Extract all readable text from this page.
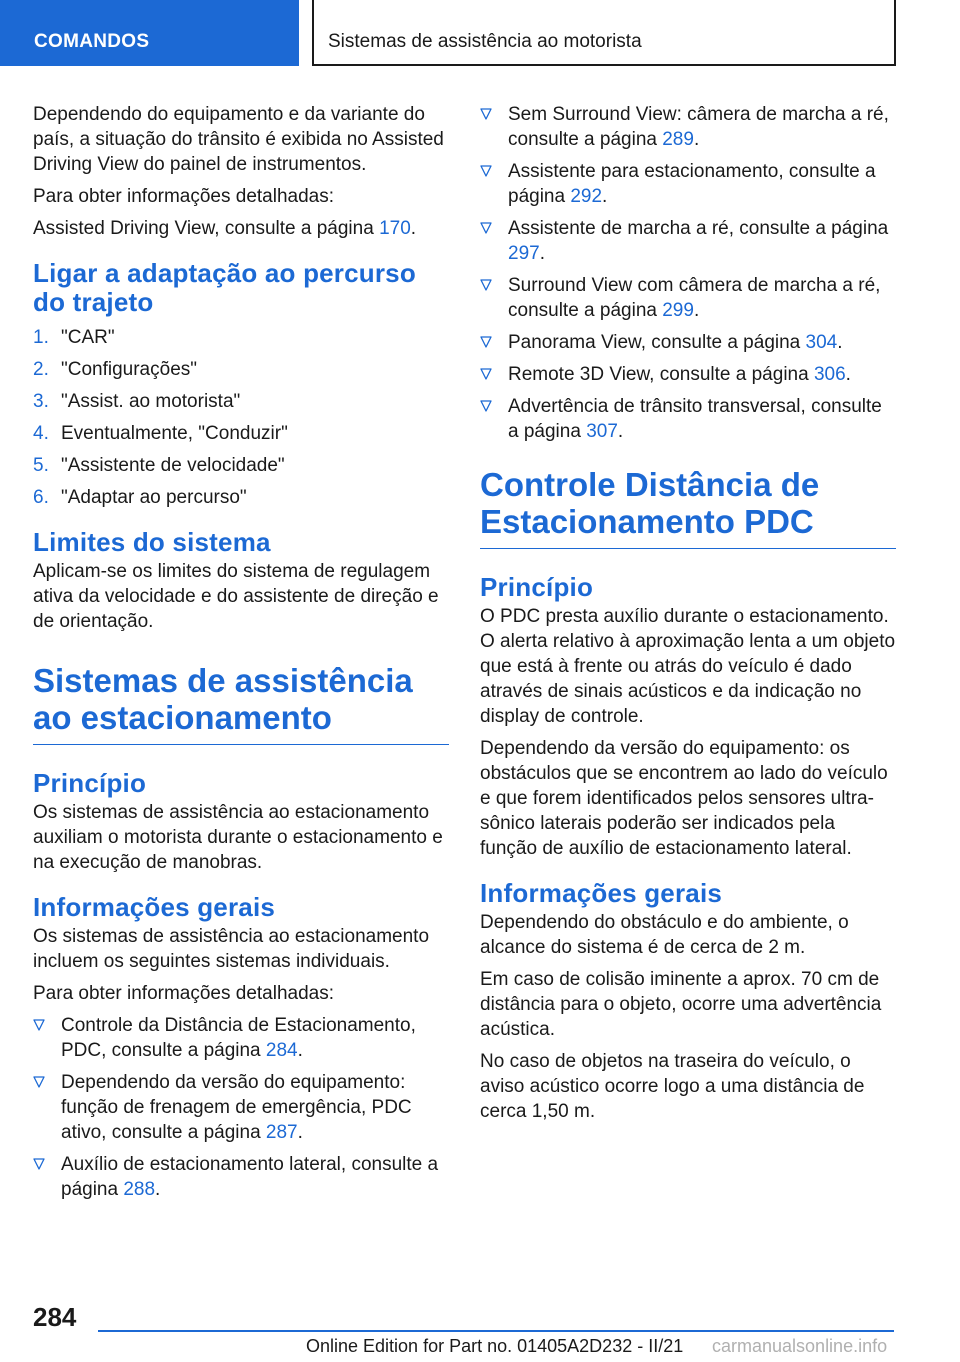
COMANDOS	Sistemas de assistência ao motorista

Dependendo do equipamento e da variante do país, a situação do trânsito é exibida no Assisted Driving View do painel de instrumentos.

Para obter informações detalhadas:

Assisted Driving View, consulte a página 170.

Ligar a adaptação ao percurso do trajeto
1. "CAR"
2. "Configurações"
3. "Assist. ao motorista"
4. Eventualmente, "Conduzir"
5. "Assistente de velocidade"
6. "Adaptar ao percurso"
Limites do sistema

Aplicam-se os limites do sistema de regulagem ativa da velocidade e do assistente de direção e de orientação.

Sistemas de assistência ao estacionamento
Princípio

Os sistemas de assistência ao estacionamento auxiliam o motorista durante o estacionamento e na execução de manobras.

Informações gerais

Os sistemas de assistência ao estacionamento incluem os seguintes sistemas individuais.

Para obter informações detalhadas:

Controle da Distância de Estacionamento, PDC, consulte a página 284.
Dependendo da versão do equipamento: função de frenagem de emergência, PDC ativo, consulte a página 287.
Auxílio de estacionamento lateral, consulte a página 288.
Sem Surround View: câmera de marcha a ré, consulte a página 289.
Assistente para estacionamento, consulte a página 292.
Assistente de marcha a ré, consulte a página 297.
Surround View com câmera de marcha a ré, consulte a página 299.
Panorama View, consulte a página 304.
Remote 3D View, consulte a página 306.
Advertência de trânsito transversal, consulte a página 307.
Controle Distância de Estacionamento PDC
Princípio

O PDC presta auxílio durante o estacionamento. O alerta relativo à aproximação lenta a um objeto que está à frente ou atrás do veículo é dado através de sinais acústicos e da indicação no display de controle.

Dependendo da versão do equipamento: os obstáculos que se encontrem ao lado do veículo e que forem identificados pelos sensores ultra-sônico laterais poderão ser indicados pela função de auxílio de estacionamento lateral.

Informações gerais

Dependendo do obstáculo e do ambiente, o alcance do sistema é de cerca de 2 m.

Em caso de colisão iminente a aprox. 70 cm de distância para o objeto, ocorre uma advertência acústica.

No caso de objetos na traseira do veículo, o aviso acústico ocorre logo a uma distância de cerca 1,50 m.

284
Online Edition for Part no. 01405A2D232 - II/21 carmanualsonline.info
